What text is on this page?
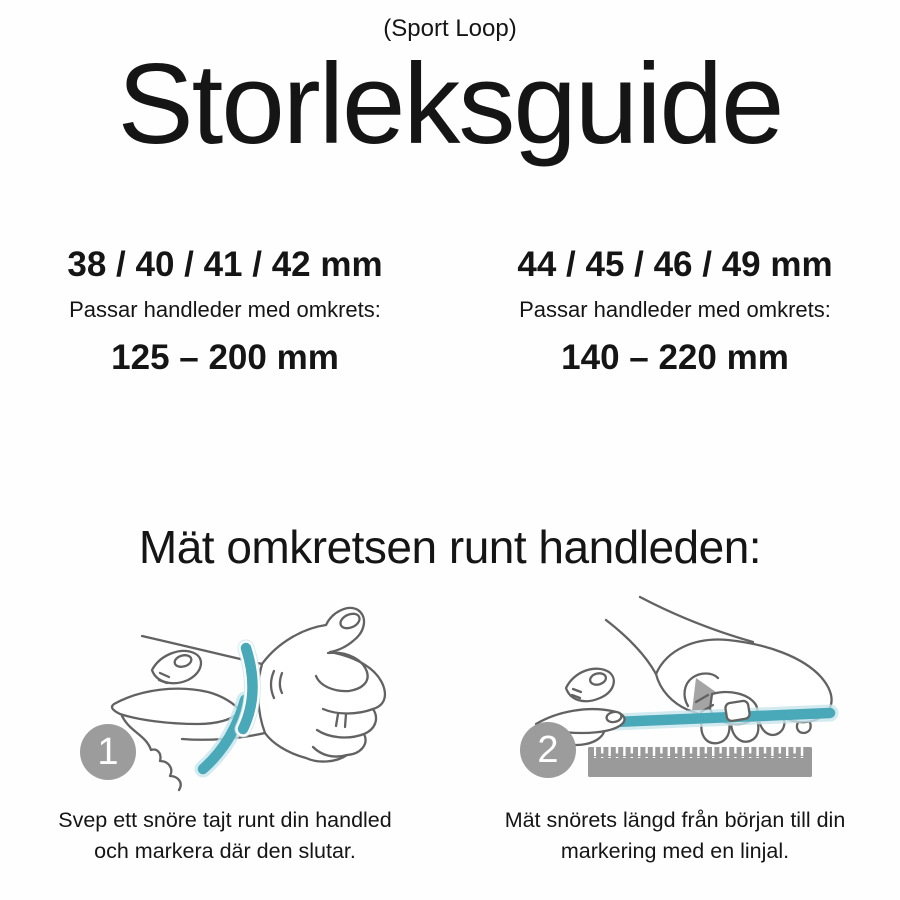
(Sport Loop)
Storleksguide
38 / 40 / 41 / 42 mm

Passar handleder med omkrets:

125 – 200 mm
44 / 45 / 46 / 49 mm

Passar handleder med omkrets:

140 – 220 mm
Mät omkretsen runt handleden:
1
Svep ett snöre tajt runt din handled och markera där den slutar.
2
Mät snörets längd från början till din markering med en linjal.
